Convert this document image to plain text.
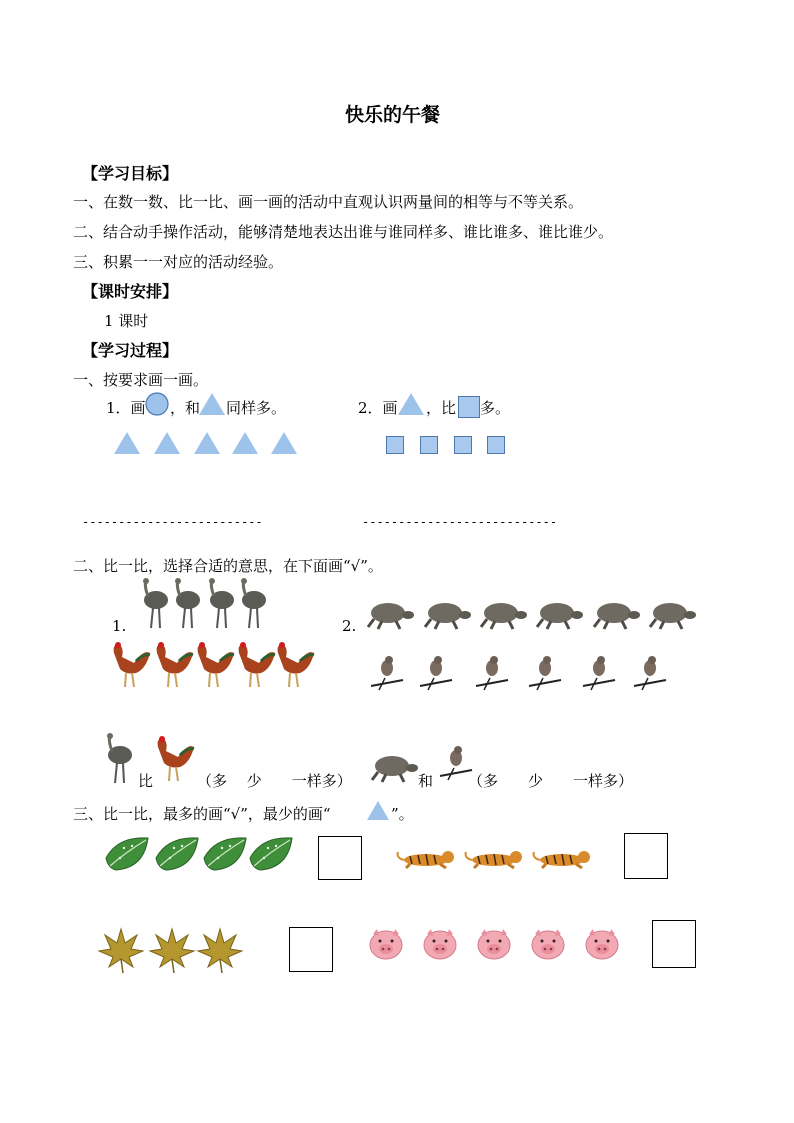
快乐的午餐
【学习目标】
一、在数一数、比一比、画一画的活动中直观认识两量间的相等与不等关系。
二、结合动手操作活动，能够清楚地表达出谁与谁同样多、谁比谁多、谁比谁少。
三、积累一一对应的活动经验。
【课时安排】
1 课时
【学习过程】
一、按要求画一画。
1．画 ，和 同样多。	2．画 ，比 多。
-------------------------	---------------------------
二、比一比，选择合适的意思，在下面画“√”。
1.	2.
比	（多　 少　　一样多）	和 （多　　少　　一样多）
三、比一比，最多的画“√”，最少的画“	”。
